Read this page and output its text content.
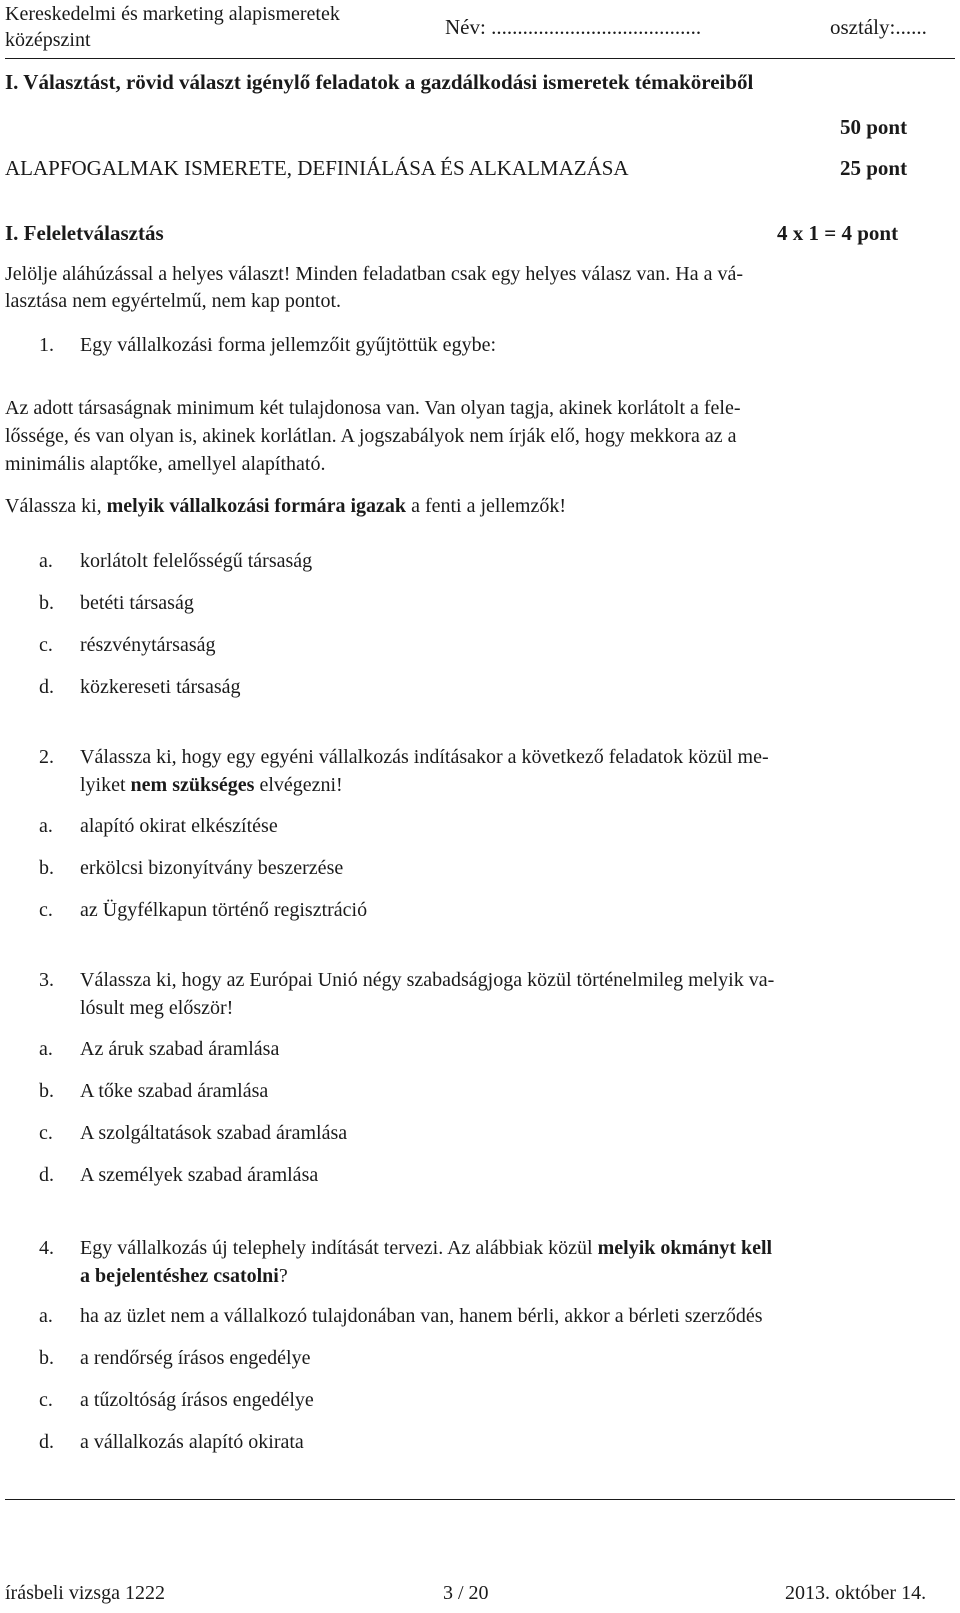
Kereskedelmi és marketing alapismeretek
középszint
Név: ........................................	osztály:......
I. Választást, rövid választ igénylő feladatok a gazdálkodási ismeretek témaköreiből
50 pont
ALAPFOGALMAK ISMERETE, DEFINIÁLÁSA ÉS ALKALMAZÁSA	25 pont
I. Feleletválasztás	4 x 1 = 4 pont
Jelölje aláhúzással a helyes választ! Minden feladatban csak egy helyes válasz van. Ha a vá-
lasztása nem egyértelmű, nem kap pontot.
1. Egy vállalkozási forma jellemzőit gyűjtöttük egybe:
Az adott társaságnak minimum két tulajdonosa van. Van olyan tagja, akinek korlátolt a fele-
lőssége, és van olyan is, akinek korlátlan. A jogszabályok nem írják elő, hogy mekkora az a
minimális alaptőke, amellyel alapítható.
Válassza ki, melyik vállalkozási formára igazak a fenti a jellemzők!
a. korlátolt felelősségű társaság
b. betéti társaság
c. részvénytársaság
d. közkereseti társaság
2. Válassza ki, hogy egy egyéni vállalkozás indításakor a következő feladatok közül me-
lyiket nem szükséges elvégezni!
a. alapító okirat elkészítése
b. erkölcsi bizonyítvány beszerzése
c. az Ügyfélkapun történő regisztráció
3. Válassza ki, hogy az Európai Unió négy szabadságjoga közül történelmileg melyik va-
lósult meg először!
a. Az áruk szabad áramlása
b. A tőke szabad áramlása
c. A szolgáltatások szabad áramlása
d. A személyek szabad áramlása
4. Egy vállalkozás új telephely indítását tervezi. Az alábbiak közül melyik okmányt kell
a bejelentéshez csatolni?
a. ha az üzlet nem a vállalkozó tulajdonában van, hanem bérli, akkor a bérleti szerződés
b. a rendőrség írásos engedélye
c. a tűzoltóság írásos engedélye
d. a vállalkozás alapító okirata
írásbeli vizsga 1222	3 / 20	2013. október 14.
